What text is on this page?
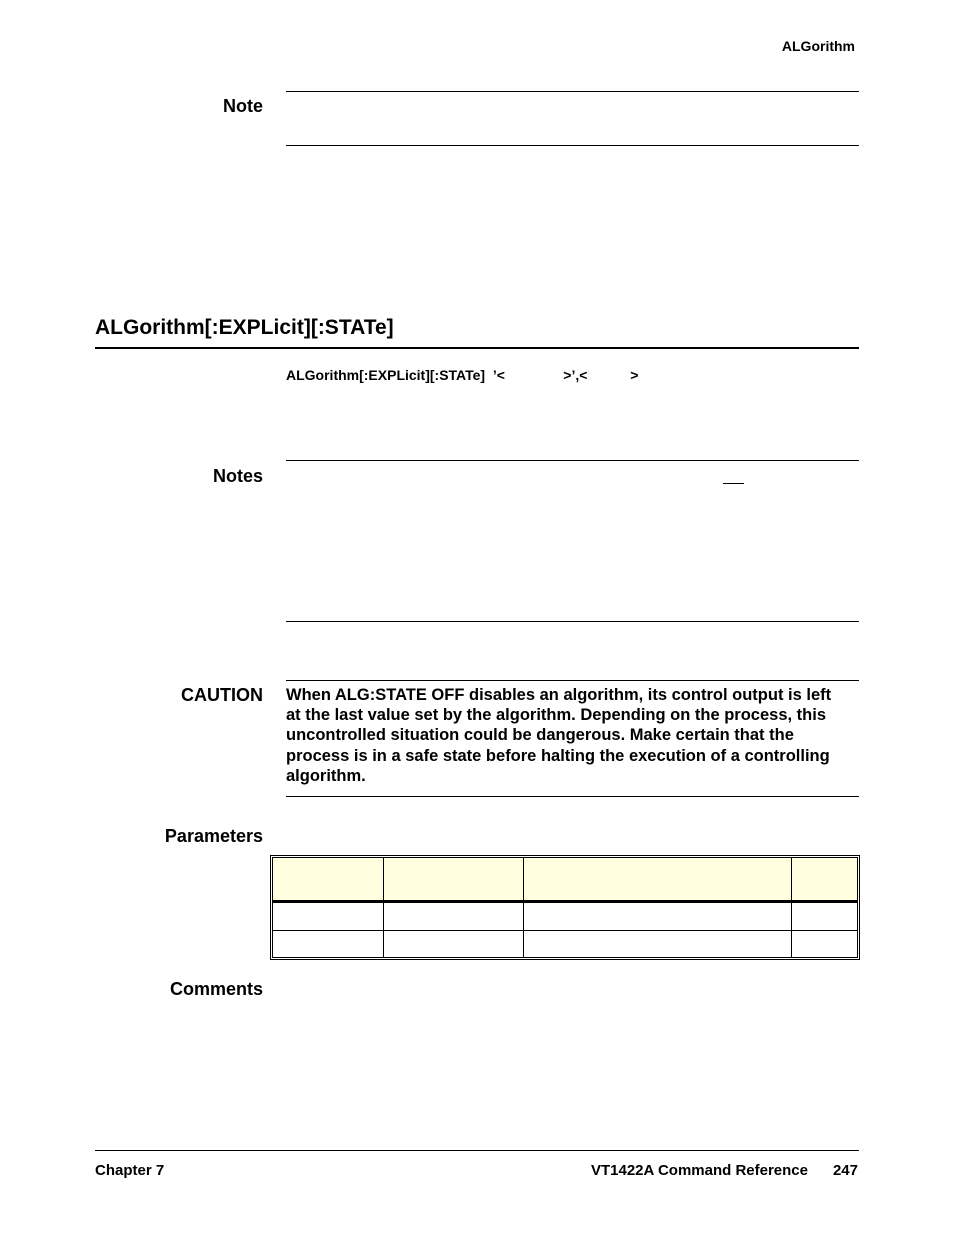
ALGorithm
Note
ALGorithm[:EXPLicit][:STATe]
ALGorithm[:EXPLicit][:STATe]  ’<               >’,<           >
Notes
CAUTION When ALG:STATE OFF disables an algorithm, its control output is left
at the last value set by the algorithm. Depending on the process, this
uncontrolled situation could be dangerous. Make certain that the
process is in a safe state before halting the execution of a controlling
algorithm.
Parameters

Comments
Chapter 7	VT1422A Command Reference 247
